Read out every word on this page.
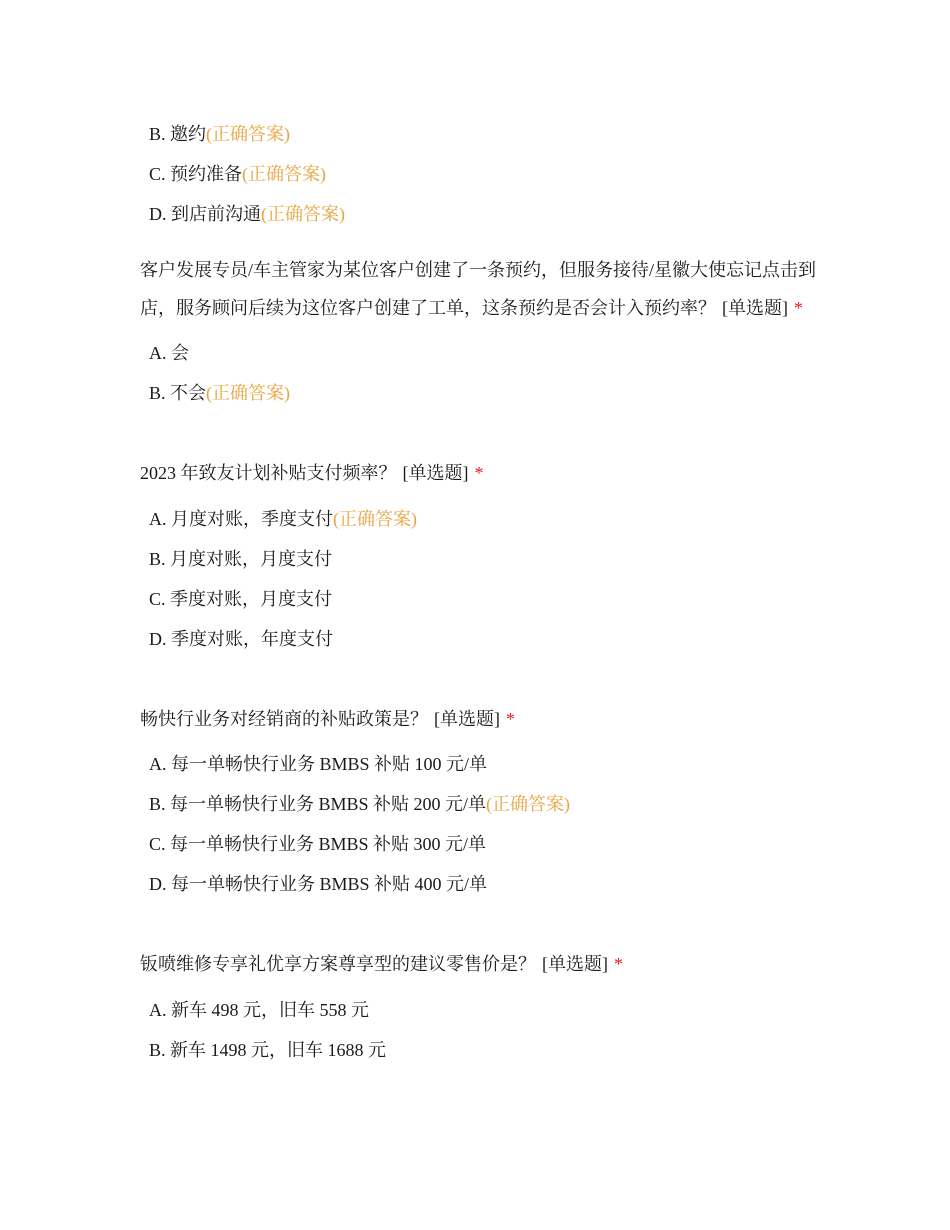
B. 邀约(正确答案)
C. 预约准备(正确答案)
D. 到店前沟通(正确答案)
客户发展专员/车主管家为某位客户创建了一条预约，但服务接待/星徽大使忘记点击到店，服务顾问后续为这位客户创建了工单，这条预约是否会计入预约率？ [单选题] *
A. 会
B. 不会(正确答案)
2023 年致友计划补贴支付频率？ [单选题] *
A. 月度对账，季度支付(正确答案)
B. 月度对账，月度支付
C. 季度对账，月度支付
D. 季度对账，年度支付
畅快行业务对经销商的补贴政策是？ [单选题] *
A. 每一单畅快行业务 BMBS 补贴 100 元/单
B. 每一单畅快行业务 BMBS 补贴 200 元/单(正确答案)
C. 每一单畅快行业务 BMBS 补贴 300 元/单
D. 每一单畅快行业务 BMBS 补贴 400 元/单
钣喷维修专享礼优享方案尊享型的建议零售价是？ [单选题] *
A. 新车 498 元，旧车 558 元
B. 新车 1498 元，旧车 1688 元
